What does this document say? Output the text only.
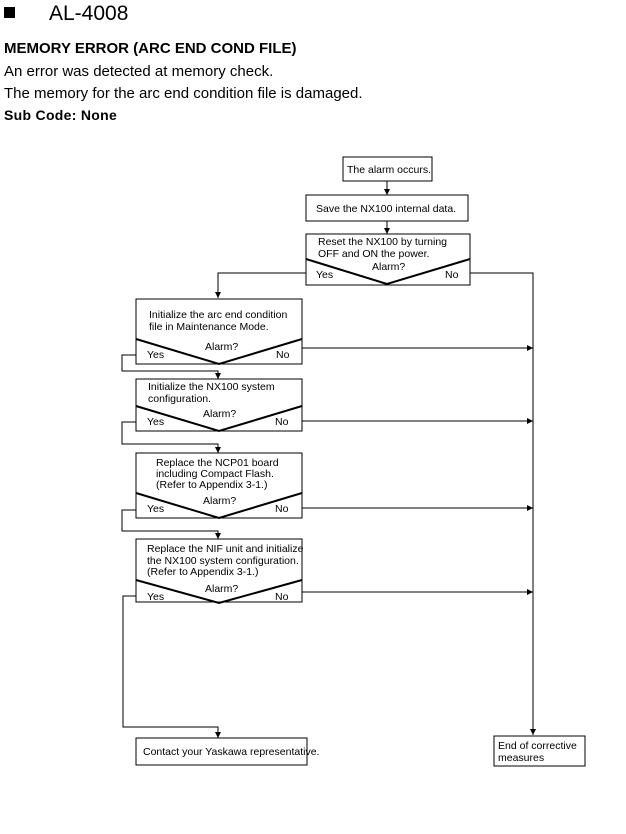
AL-4008
MEMORY ERROR (ARC END COND FILE)
An error was detected at memory check.
The memory for the arc end condition file is damaged.
Sub Code: None
The alarm occurs.
Save the NX100 internal data.
Reset the NX100 by turning
OFF and ON the power.
Alarm?
Yes	No
Initialize the arc end condition
file in Maintenance Mode.
Alarm?
Yes	No
Initialize the NX100 system
configuration.
Alarm?
Yes	No
Replace the NCP01 board
including Compact Flash.
(Refer to Appendix 3-1.)
Alarm?
Yes	No
Replace the NIF unit and initialize
the NX100 system configuration.
(Refer to Appendix 3-1.)
Alarm?
Yes	No
Contact your Yaskawa representative.	End of corrective
measures
